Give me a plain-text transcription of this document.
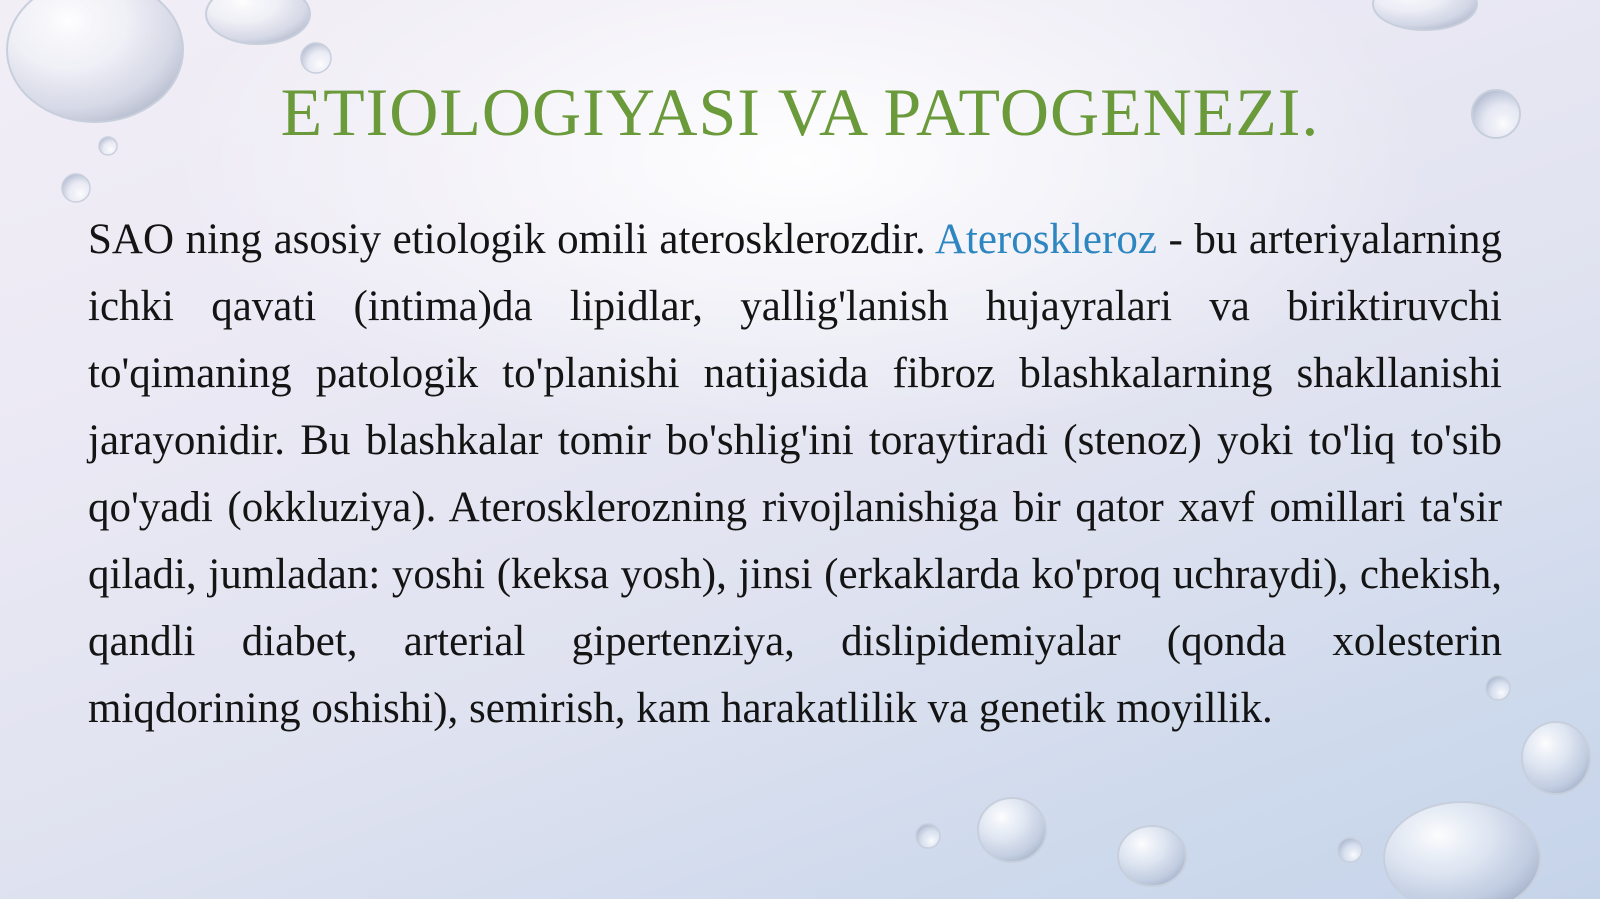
ETIOLOGIYASI VA PATOGENEZI.

SAO ning asosiy etiologik omili aterosklerozdir. Ateroskleroz - bu arteriyalarning ichki qavati (intima)da lipidlar, yallig'lanish hujayralari va biriktiruvchi to'qimaning patologik to'planishi natijasida fibroz blashkalarning shakllanishi jarayonidir. Bu blashkalar tomir bo'shlig'ini toraytiradi (stenoz) yoki to'liq to'sib qo'yadi (okkluziya). Aterosklerozning rivojlanishiga bir qator xavf omillari ta'sir qiladi, jumladan: yoshi (keksa yosh), jinsi (erkaklarda ko'proq uchraydi), chekish, qandli diabet, arterial gipertenziya, dislipidemiyalar (qonda xolesterin miqdorining oshishi), semirish, kam harakatlilik va genetik moyillik.
